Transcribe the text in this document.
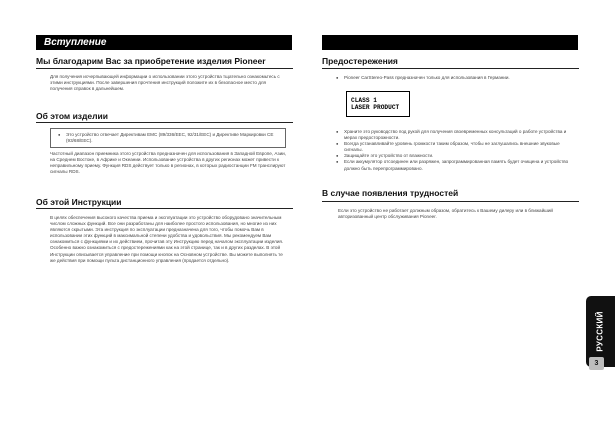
Вступление
Мы благодарим Вас за приобретение изделия Pioneer
Для получения исчерпывающей информации о использовании этого устройства тщательно ознакомьтесь с этими инструкциями. После завершения прочтения инструкций положите их в безопасное место для получения справок в дальнейшем.
Об этом изделии
● Это устройство отвечает Директивам EMC (89/336/ЕЕС, 92/31/ЕЕС) и Директиве Маркировки CE (93/68/ЕЕС).
Частотный диапазон приемника этого устройства предназначен для использования в Западной Европе, Азии, на Среднем Востоке, в Африке и Океании. Использование устройства в других регионах может привести к неправильному приему. Функция RDS действует только в регионах, в которых радиостанции FM транслируют сигналы RDS.
Об этой Инструкции
В целях обеспечения высокого качества приема и эксплуатации это устройство оборудовано значительным числом сложных функций. Все они разработаны для наиболее простого использования, но многие из них являются скрытыми. Эта инструкция по эксплуатации предназначена для того, чтобы помочь Вам в использовании этих функций в максимальной степени удобства и удовольствия. Мы рекомендуем Вам ознакомиться с функциями и их действием, прочитав эту Инструкцию перед началом эксплуатации изделия. Особенно важно ознакомиться с предостережениями как на этой странице, так и в других разделах. В этой Инструкции описывается управление при помощи кнопок на Основном устройстве. Вы можете выполнять те же действия при помощи пульта дистанционного управления (продается отдельно).
Предостережения
● Pioneer CarStereo-Pass предназначен только для использования в Германии.
CLASS 1
LASER PRODUCT
● Храните это руководство под рукой для получения своевременных консультаций о работе устройства и мерах предосторожности.
● Всегда устанавливайте уровень громкости таким образом, чтобы не заглушались внешние звуковые сигналы.
● Защищайте это устройство от влажности.
● Если аккумулятор отсоединен или разряжен, запрограммированная память будет очищена и устройство должно быть перепрограммировано.
В случае появления трудностей
Если это устройство не работает должным образом, обратитесь к Вашему дилеру или в ближайший авторизованный центр обслуживания Pioneer.
РУССКИЙ
3
